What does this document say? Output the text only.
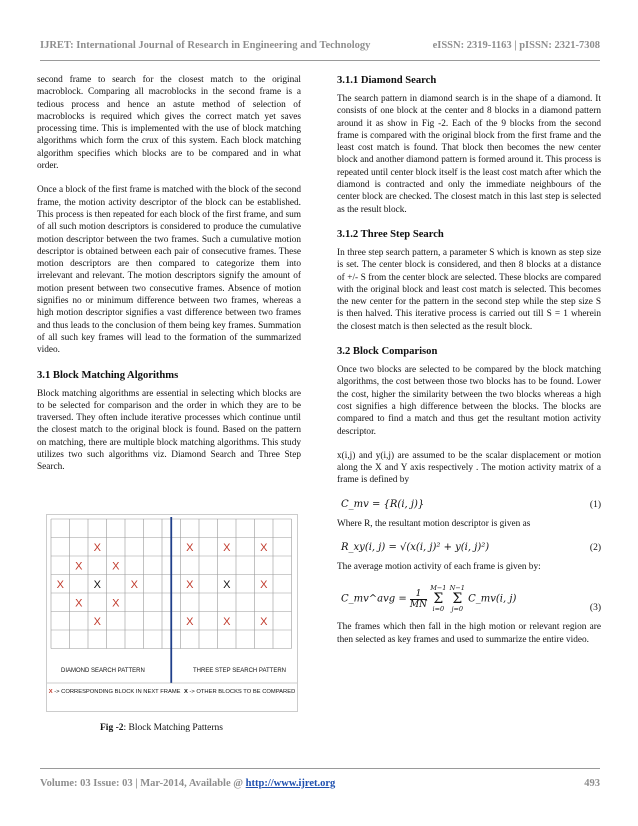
IJRET: International Journal of Research in Engineering and Technology	eISSN: 2319-1163 | pISSN: 2321-7308

second frame to search for the closest match to the original macroblock. Comparing all macroblocks in the second frame is a tedious process and hence an astute method of selection of macroblocks is required which gives the correct match yet saves processing time. This is implemented with the use of block matching algorithms which form the crux of this system. Each block matching algorithm specifies which blocks are to be compared and in what order.

Once a block of the first frame is matched with the block of the second frame, the motion activity descriptor of the block can be established. This process is then repeated for each block of the first frame, and sum of all such motion descriptors is considered to produce the cumulative motion descriptor between the two frames. Such a cumulative motion descriptor is obtained between each pair of consecutive frames. These motion descriptors are then compared to categorize them into irrelevant and relevant. The motion descriptors signify the amount of motion present between two consecutive frames. Absence of motion signifies no or minimum difference between two frames, whereas a high motion descriptor signifies a vast difference between two frames and thus leads to the conclusion of them being key frames. Summation of all such key frames will lead to the formation of the summarized video.

3.1 Block Matching Algorithms

Block matching algorithms are essential in selecting which blocks are to be selected for comparison and the order in which they are to be traversed. They often include iterative processes which continue until the closest match to the original block is found. Based on the pattern on matching, there are multiple block matching algorithms. This study utilizes two such algorithms viz. Diamond Search and Three Step Search.

X
X	X
X	X	X
X	X
X
X	X	X
X	X	X
X	X	X
DIAMOND SEARCH PATTERN	THREE STEP SEARCH PATTERN
X -> CORRESPONDING BLOCK IN NEXT FRAME X -> OTHER BLOCKS TO BE COMPARED
Fig -2: Block Matching Patterns
3.1.1 Diamond Search

The search pattern in diamond search is in the shape of a diamond. It consists of one block at the center and 8 blocks in a diamond pattern around it as show in Fig -2. Each of the 9 blocks from the second frame is compared with the original block from the first frame and the least cost match is found. That block then becomes the new center block and another diamond pattern is formed around it. This process is repeated until center block itself is the least cost match after which the diamond is contracted and only the immediate neighbours of the center block are checked. The closest match in this last step is selected as the result block.

3.1.2 Three Step Search

In three step search pattern, a parameter S which is known as step size is set. The center block is considered, and then 8 blocks at a distance of +/- S from the center block are selected. These blocks are compared with the original block and least cost match is selected. This becomes the new center for the pattern in the second step while the step size S is then halved. This iterative process is carried out till S = 1 wherein the closest match is then selected as the result block.

3.2 Block Comparison

Once two blocks are selected to be compared by the block matching algorithms, the cost between those two blocks has to be found. Lower the cost, higher the similarity between the two blocks whereas a high cost signifies a high difference between the blocks. The blocks are compared to find a match and thus get the resultant motion activity descriptor.

x(i,j) and y(i,j) are assumed to be the scalar displacement or motion along the X and Y axis respectively . The motion activity matrix of a frame is defined by

C_mv = {R(i, j)}	(1)

Where R, the resultant motion descriptor is given as

R_xy(i, j) = √(x(i, j)² + y(i, j)²)	(2)

The average motion activity of each frame is given by:

C_mv^avg = $\frac{1}{MN}$

M−1
Σ
i=0

N−1
Σ
j=0
C_mv(i, j)
(3)

The frames which then fall in the high motion or relevant region are then selected as key frames and used to summarize the entire video.

Volume: 03 Issue: 03 | Mar-2014, Available @ http://www.ijret.org	493
